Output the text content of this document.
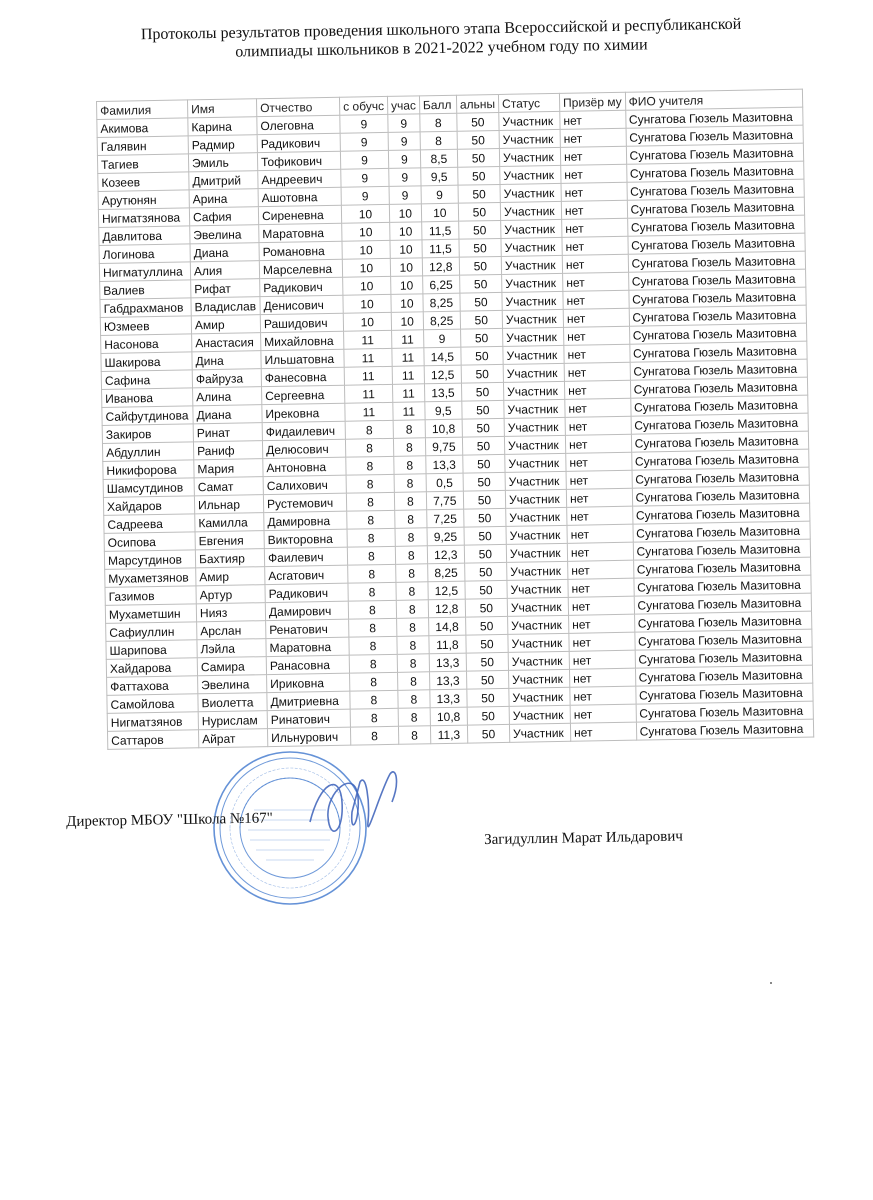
Протоколы результатов проведения школьного этапа Всероссийской и республиканской
олимпиады школьников в 2021-2022 учебном году по химии
Фамилия	Имя	Отчество	с обучс	учас	Балл	альны	Статус	Призёр му	ФИО учителя
Акимова	Карина	Олеговна	9	9	8	50	Участник	нет	Сунгатова Гюзель Мазитовна
Галявин	Радмир	Радикович	9	9	8	50	Участник	нет	Сунгатова Гюзель Мазитовна
Тагиев	Эмиль	Тофикович	9	9	8,5	50	Участник	нет	Сунгатова Гюзель Мазитовна
Козеев	Дмитрий	Андреевич	9	9	9,5	50	Участник	нет	Сунгатова Гюзель Мазитовна
Арутюнян	Арина	Ашотовна	9	9	9	50	Участник	нет	Сунгатова Гюзель Мазитовна
Нигматзянова	Сафия	Сиреневна	10	10	10	50	Участник	нет	Сунгатова Гюзель Мазитовна
Давлитова	Эвелина	Маратовна	10	10	11,5	50	Участник	нет	Сунгатова Гюзель Мазитовна
Логинова	Диана	Романовна	10	10	11,5	50	Участник	нет	Сунгатова Гюзель Мазитовна
Нигматуллина	Алия	Марселевна	10	10	12,8	50	Участник	нет	Сунгатова Гюзель Мазитовна
Валиев	Рифат	Радикович	10	10	6,25	50	Участник	нет	Сунгатова Гюзель Мазитовна
Габдрахманов	Владислав	Денисович	10	10	8,25	50	Участник	нет	Сунгатова Гюзель Мазитовна
Юзмеев	Амир	Рашидович	10	10	8,25	50	Участник	нет	Сунгатова Гюзель Мазитовна
Насонова	Анастасия	Михайловна	11	11	9	50	Участник	нет	Сунгатова Гюзель Мазитовна
Шакирова	Дина	Ильшатовна	11	11	14,5	50	Участник	нет	Сунгатова Гюзель Мазитовна
Сафина	Файруза	Фанесовна	11	11	12,5	50	Участник	нет	Сунгатова Гюзель Мазитовна
Иванова	Алина	Сергеевна	11	11	13,5	50	Участник	нет	Сунгатова Гюзель Мазитовна
Сайфутдинова	Диана	Ирековна	11	11	9,5	50	Участник	нет	Сунгатова Гюзель Мазитовна
Закиров	Ринат	Фидаилевич	8	8	10,8	50	Участник	нет	Сунгатова Гюзель Мазитовна
Абдуллин	Раниф	Делюсович	8	8	9,75	50	Участник	нет	Сунгатова Гюзель Мазитовна
Никифорова	Мария	Антоновна	8	8	13,3	50	Участник	нет	Сунгатова Гюзель Мазитовна
Шамсутдинов	Самат	Салихович	8	8	0,5	50	Участник	нет	Сунгатова Гюзель Мазитовна
Хайдаров	Ильнар	Рустемович	8	8	7,75	50	Участник	нет	Сунгатова Гюзель Мазитовна
Садреева	Камилла	Дамировна	8	8	7,25	50	Участник	нет	Сунгатова Гюзель Мазитовна
Осипова	Евгения	Викторовна	8	8	9,25	50	Участник	нет	Сунгатова Гюзель Мазитовна
Марсутдинов	Бахтияр	Фаилевич	8	8	12,3	50	Участник	нет	Сунгатова Гюзель Мазитовна
Мухаметзянов	Амир	Асгатович	8	8	8,25	50	Участник	нет	Сунгатова Гюзель Мазитовна
Газимов	Артур	Радикович	8	8	12,5	50	Участник	нет	Сунгатова Гюзель Мазитовна
Мухаметшин	Нияз	Дамирович	8	8	12,8	50	Участник	нет	Сунгатова Гюзель Мазитовна
Сафиуллин	Арслан	Ренатович	8	8	14,8	50	Участник	нет	Сунгатова Гюзель Мазитовна
Шарипова	Лэйла	Маратовна	8	8	11,8	50	Участник	нет	Сунгатова Гюзель Мазитовна
Хайдарова	Самира	Ранасовна	8	8	13,3	50	Участник	нет	Сунгатова Гюзель Мазитовна
Фаттахова	Эвелина	Ириковна	8	8	13,3	50	Участник	нет	Сунгатова Гюзель Мазитовна
Самойлова	Виолетта	Дмитриевна	8	8	13,3	50	Участник	нет	Сунгатова Гюзель Мазитовна
Нигматзянов	Нурислам	Ринатович	8	8	10,8	50	Участник	нет	Сунгатова Гюзель Мазитовна
Саттаров	Айрат	Ильнурович	8	8	11,3	50	Участник	нет	Сунгатова Гюзель Мазитовна
Директор МБОУ "Школа №167"
Загидуллин Марат Ильдарович
